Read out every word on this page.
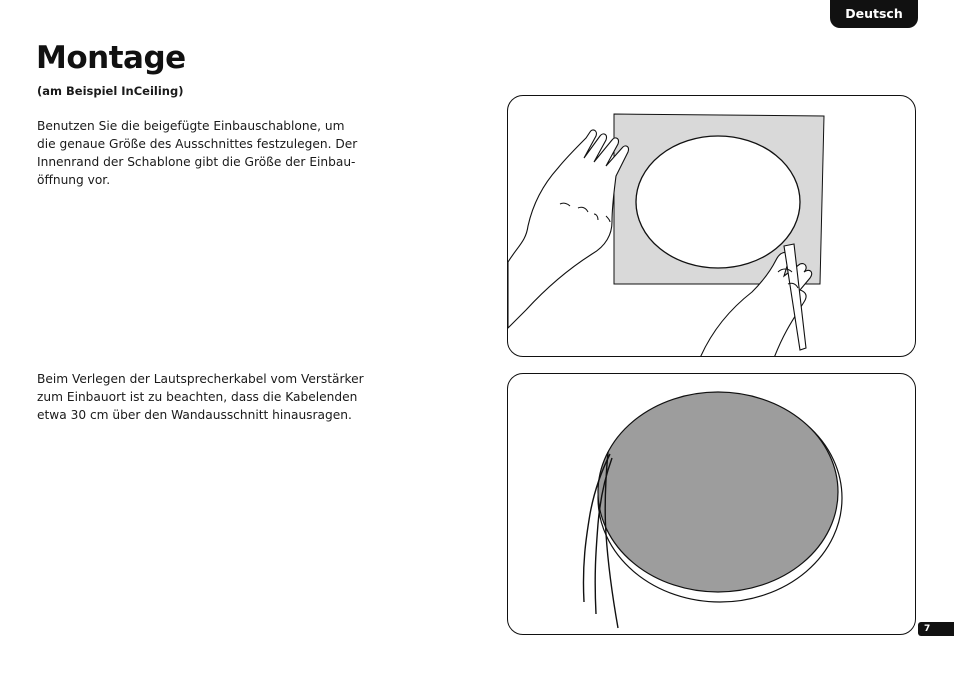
Deutsch
Montage

(am Beispiel InCeiling)

Benutzen Sie die beigefügte Einbauschablone, um
die genaue Größe des Ausschnittes festzulegen. Der
Innenrand der Schablone gibt die Größe der Einbau-
öffnung vor.

Beim Verlegen der Lautsprecherkabel vom Verstärker
zum Einbauort ist zu beachten, dass die Kabelenden
etwa 30 cm über den Wandausschnitt hinausragen.

7
